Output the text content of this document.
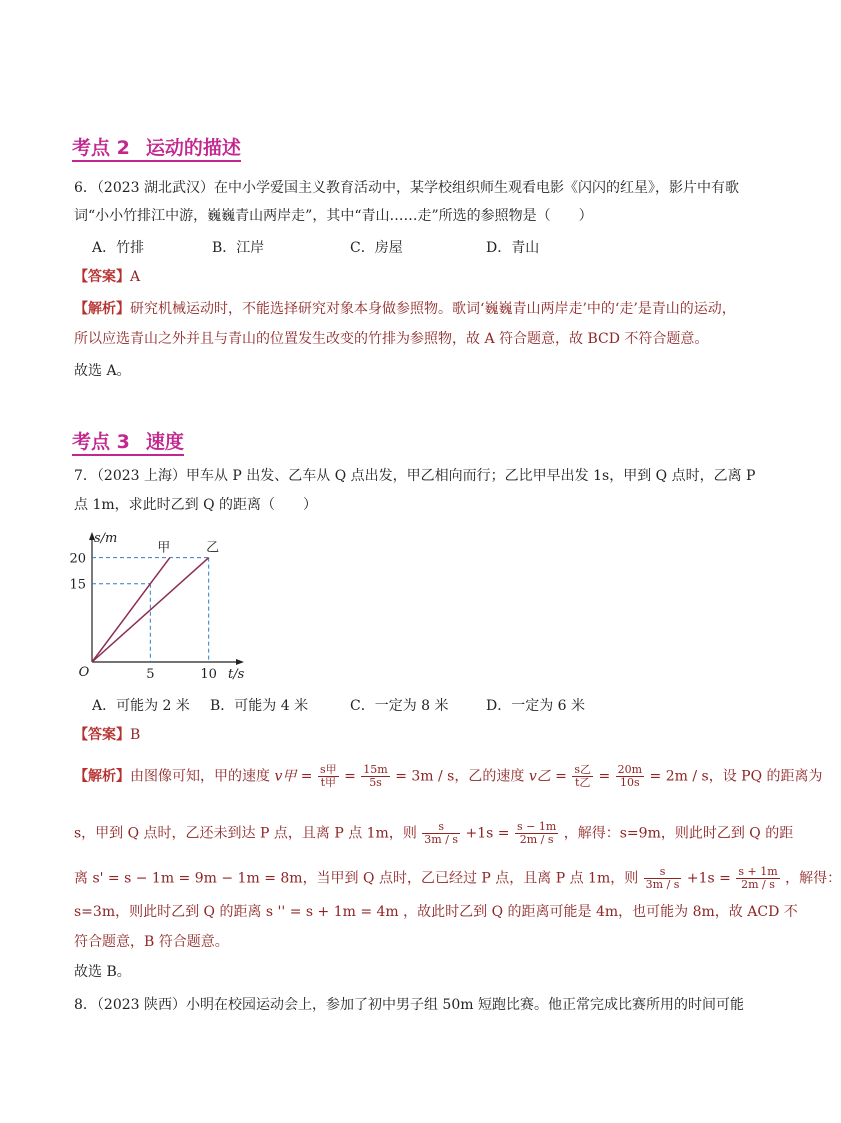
考点 2 运动的描述
6．（2023 湖北武汉）在中小学爱国主义教育活动中，某学校组织师生观看电影《闪闪的红星》，影片中有歌
词“小小竹排江中游，巍巍青山两岸走”，其中“青山……走”所选的参照物是（　　）
A．竹排	B．江岸	C．房屋	D．青山
【答案】A
【解析】研究机械运动时，不能选择研究对象本身做参照物。歌词‘巍巍青山两岸走’中的‘走’是青山的运动，
所以应选青山之外并且与青山的位置发生改变的竹排为参照物，故 A 符合题意，故 BCD 不符合题意。
故选 A。
考点 3 速度
7．（2023 上海）甲车从 P 出发、乙车从 Q 点出发，甲乙相向而行；乙比甲早出发 1s，甲到 Q 点时，乙离 P
点 1m，求此时乙到 Q 的距离（　　）
甲	乙
5	10
15
20
s/m
t/s
O
A．可能为 2 米 B．可能为 4 米	C．一定为 8 米	D．一定为 6 米
【答案】B
【解析】由图像可知，甲的速度 v甲 = $\frac{\text{s甲}}{\text{t甲}} = \frac{15m}{5s} = 3m / s$，乙的速度 v乙 = $\frac{\text{s乙}}{\text{t乙}} = \frac{20m}{10s} = 2m / s$，设 PQ 的距离为
s，甲到 Q 点时，乙还未到达 P 点，且离 P 点 1m，则 $\frac{s}{3m / s} +1s = \frac{s - 1m}{2m / s}$ ，解得：s=9m，则此时乙到 Q 的距
离 s' = s − 1m = 9m − 1m = 8m，当甲到 Q 点时，乙已经过 P 点，且离 P 点 1m，则 $\frac{s}{3m / s} +1s = \frac{s + 1m}{2m / s}$ ，解得：
s=3m，则此时乙到 Q 的距离 s '' = s + 1m = 4m ，故此时乙到 Q 的距离可能是 4m，也可能为 8m，故 ACD 不
符合题意，B 符合题意。
故选 B。
8．（2023 陕西）小明在校园运动会上，参加了初中男子组 50m 短跑比赛。他正常完成比赛所用的时间可能
